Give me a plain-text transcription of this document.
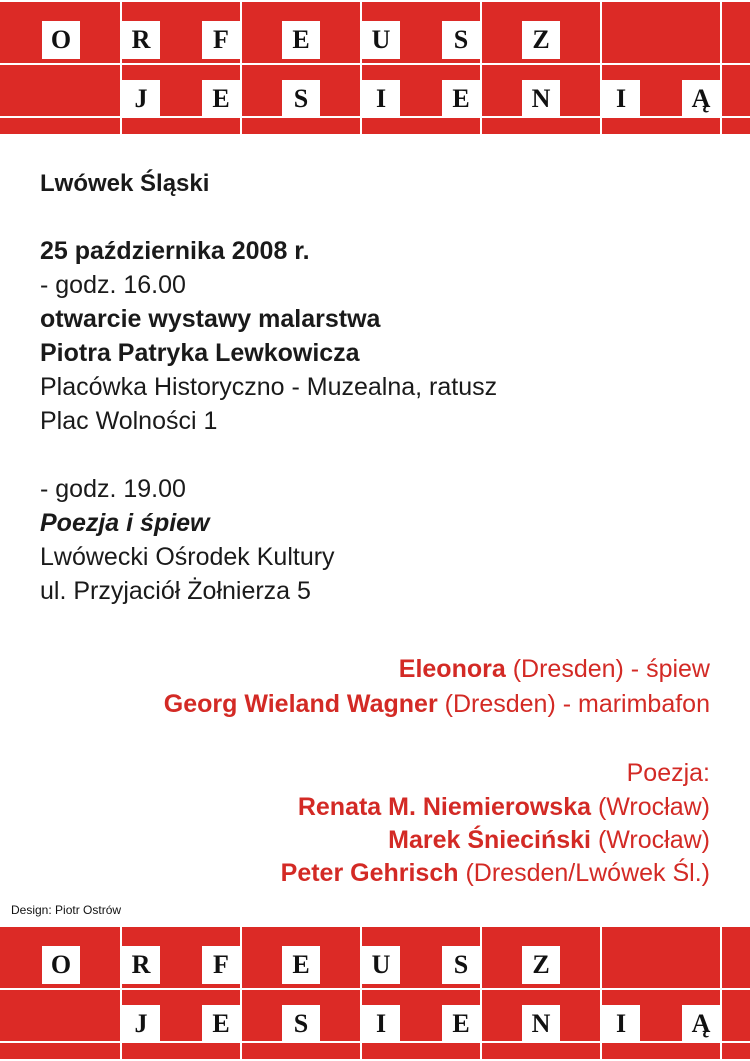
O	R	F	E	U	S	Z
J	E	S	I	E	N	I	Ą
Lwówek Śląski
25 października 2008 r.
- godz. 16.00
otwarcie wystawy malarstwa
Piotra Patryka Lewkowicza
Placówka Historyczno - Muzealna, ratusz
Plac Wolności 1
- godz. 19.00
Poezja i śpiew
Lwówecki Ośrodek Kultury
ul. Przyjaciół Żołnierza 5
Eleonora (Dresden) - śpiew
Georg Wieland Wagner (Dresden) - marimbafon
Poezja:
Renata M. Niemierowska (Wrocław)
Marek Śnieciński (Wrocław)
Peter Gehrisch (Dresden/Lwówek Śl.)
Design: Piotr Ostrów
O	R	F	E	U	S	Z
J	E	S	I	E	N	I	Ą
